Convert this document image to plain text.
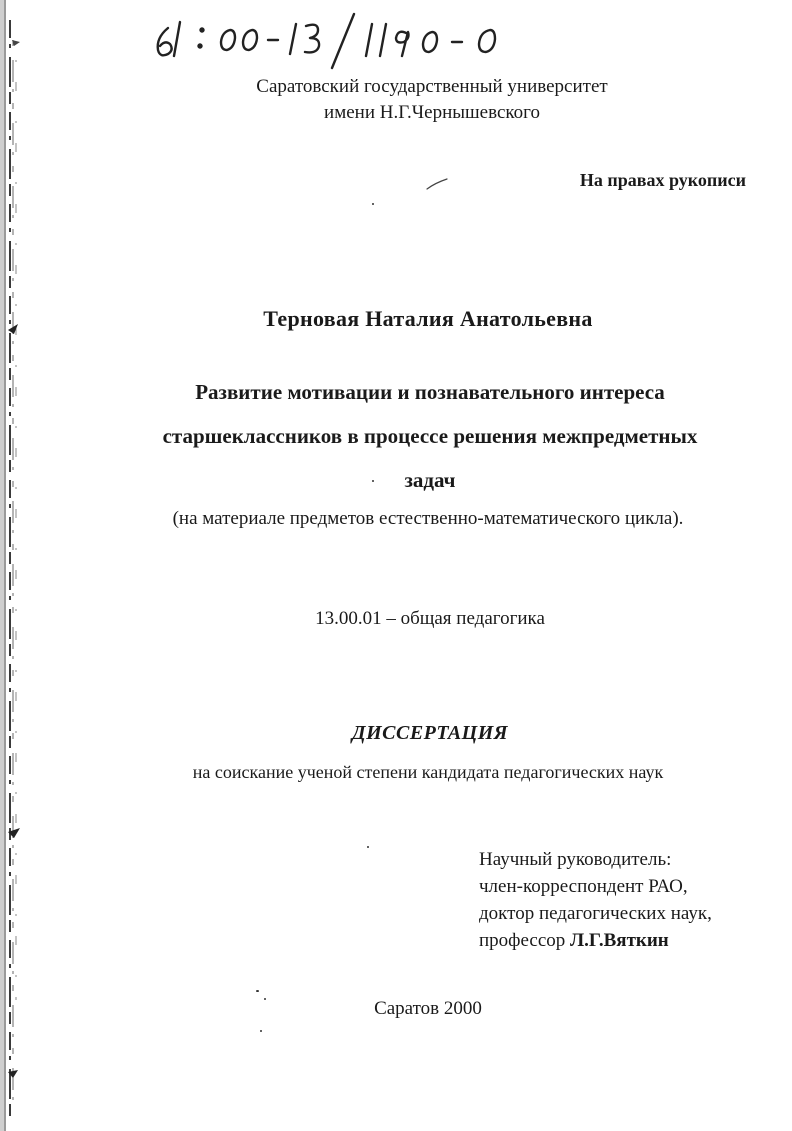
Саратовский государственный университет
имени Н.Г.Чернышевского
На правах рукописи
Терновая Наталия Анатольевна
Развитие мотивации и познавательного интереса
старшеклассников в процессе решения межпредметных
задач
(на материале предметов естественно-математического цикла).
13.00.01 – общая педагогика
ДИССЕРТАЦИЯ
на соискание ученой степени кандидата педагогических наук
Научный руководитель:
член-корреспондент РАО,
доктор педагогических наук,
профессор Л.Г.Вяткин
Саратов 2000
